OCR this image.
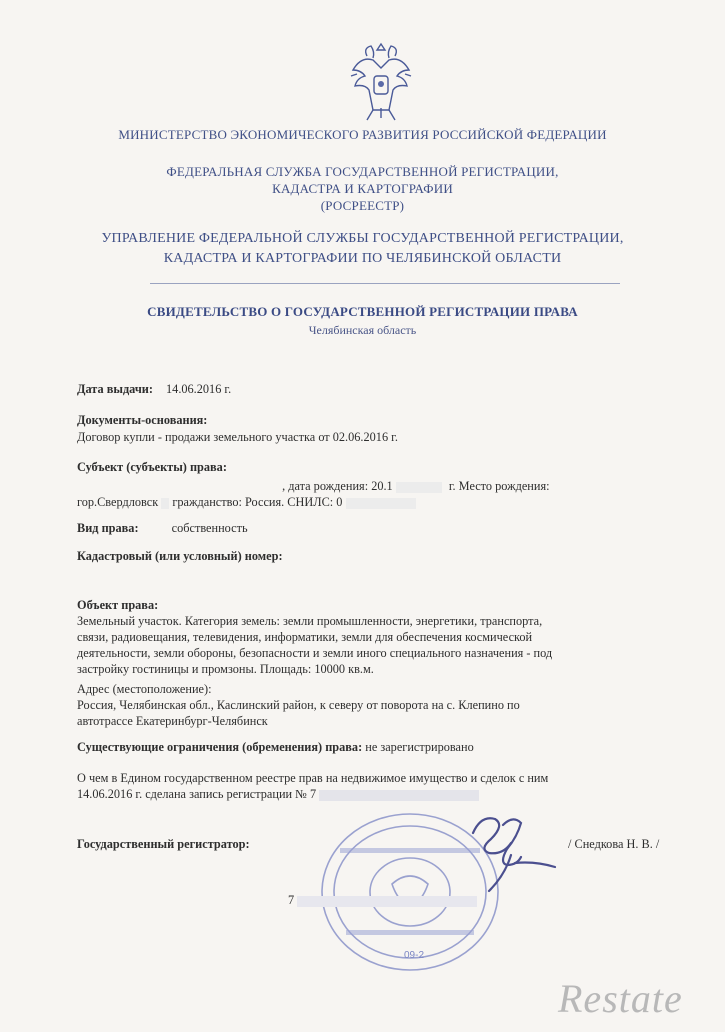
МИНИСТЕРСТВО ЭКОНОМИЧЕСКОГО РАЗВИТИЯ РОССИЙСКОЙ ФЕДЕРАЦИИ
ФЕДЕРАЛЬНАЯ СЛУЖБА ГОСУДАРСТВЕННОЙ РЕГИСТРАЦИИ,
КАДАСТРА И КАРТОГРАФИИ
(РОСРЕЕСТР)
УПРАВЛЕНИЕ ФЕДЕРАЛЬНОЙ СЛУЖБЫ ГОСУДАРСТВЕННОЙ РЕГИСТРАЦИИ,
КАДАСТРА И КАРТОГРАФИИ ПО ЧЕЛЯБИНСКОЙ ОБЛАСТИ
СВИДЕТЕЛЬСТВО О ГОСУДАРСТВЕННОЙ РЕГИСТРАЦИИ ПРАВА
Челябинская область
Дата выдачи: 14.06.2016 г.
Документы-основания:
Договор купли - продажи земельного участка от 02.06.2016 г.
Субъект (субъекты) права:
, дата рождения: 20.1	г. Место рождения:
гор.Свердловск гражданство: Россия. СНИЛС: 0
Вид права:	собственность
Кадастровый (или условный) номер:
Объект права:
Земельный участок. Категория земель: земли промышленности, энергетики, транспорта,
связи, радиовещания, телевидения, информатики, земли для обеспечения космической
деятельности, земли обороны, безопасности и земли иного специального назначения - под
застройку гостиницы и промзоны. Площадь: 10000 кв.м.
Адрес (местоположение):
Россия, Челябинская обл., Каслинский район, к северу от поворота на с. Клепино по
автотрассе Екатеринбург-Челябинск
Существующие ограничения (обременения) права: не зарегистрировано
О чем в Едином государственном реестре прав на недвижимое имущество и сделок с ним
14.06.2016 г. сделана запись регистрации № 7
Государственный регистратор:	/ Снедкова Н. В. /
09-2
7
Restate
